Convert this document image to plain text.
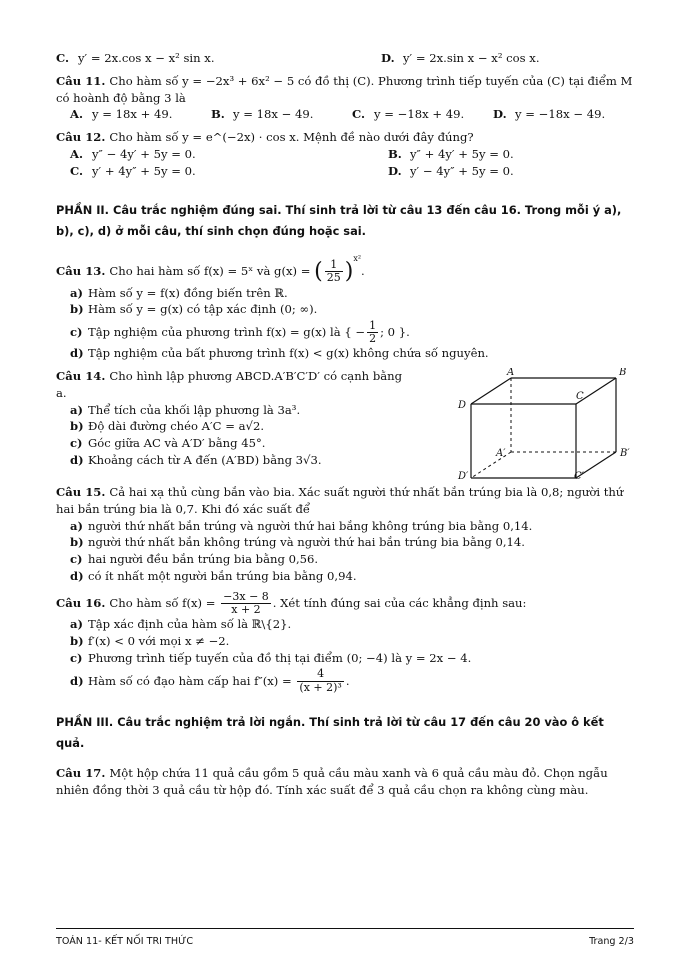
C. y′ = 2x.cos x − x² sin x.	D. y′ = 2x.sin x − x² cos x.
Câu 11. Cho hàm số y = −2x³ + 6x² − 5 có đồ thị (C). Phương trình tiếp tuyến của (C) tại điểm M có hoành độ bằng 3 là
A. y = 18x + 49.	B. y = 18x − 49.	C. y = −18x + 49. D. y = −18x − 49.
Câu 12. Cho hàm số y = e^(−2x) · cos x. Mệnh đề nào dưới đây đúng?
A. y″ − 4y′ + 5y = 0.	B. y″ + 4y′ + 5y = 0.
C. y′ + 4y″ + 5y = 0.	D. y′ − 4y″ + 5y = 0.
PHẦN II. Câu trắc nghiệm đúng sai. Thí sinh trả lời từ câu 13 đến câu 16. Trong mỗi ý a), b), c), d) ở mỗi câu, thí sinh chọn đúng hoặc sai.
Câu 13. Cho hai hàm số f(x) = 5ˣ và g(x) = ( $\frac{1}{25} )^{x^2}$.
a) Hàm số y = f(x) đồng biến trên ℝ.
b) Hàm số y = g(x) có tập xác định (0; ∞).
c) Tập nghiệm của phương trình f(x) = g(x) là
{ − $\frac{1}{2}$ ; 0 }.
d) Tập nghiệm của bất phương trình f(x) < g(x) không chứa số nguyên.
Câu 14. Cho hình lập phương ABCD.A′B′C′D′ có cạnh bằng a.
a) Thể tích của khối lập phương là 3a³.
b) Độ dài đường chéo A′C = a√2.
c) Góc giữa AC và A′D′ bằng 45°.
d) Khoảng cách từ A đến (A′BD) bằng 3√3.
A	B
C
D
A′	B′
C′
D′
Câu 15. Cả hai xạ thủ cùng bắn vào bia. Xác suất người thứ nhất bắn trúng bia là 0,8; người thứ hai bắn trúng bia là 0,7. Khi đó xác suất để
a) người thứ nhất bắn trúng và người thứ hai bắng không trúng bia bằng 0,14.
b) người thứ nhất bắn không trúng và người thứ hai bắn trúng bia bằng 0,14.
c) hai người đều bắn trúng bia bằng 0,56.
d) có ít nhất một người bắn trúng bia bằng 0,94.
Câu 16. Cho hàm số f(x) =
$\frac{-3x - 8}{x + 2}$ . Xét tính đúng sai của các khẳng định sau:
a) Tập xác định của hàm số là ℝ\{2}.
b) f′(x) < 0 với mọi x ≠ −2.
c) Phương trình tiếp tuyến của đồ thị tại điểm (0; −4) là y = 2x − 4.
d) Hàm số có đạo hàm cấp hai f″(x) =
$\frac{4}{\text{(x + 2)³}}$ .
PHẦN III. Câu trắc nghiệm trả lời ngắn. Thí sinh trả lời từ câu 17 đến câu 20 vào ô kết quả.
Câu 17. Một hộp chứa 11 quả cầu gồm 5 quả cầu màu xanh và 6 quả cầu màu đỏ. Chọn ngẫu nhiên đồng thời 3 quả cầu từ hộp đó. Tính xác suất để 3 quả cầu chọn ra không cùng màu.
TOÁN 11- KẾT NỐI TRI THỨC	Trang 2/3
